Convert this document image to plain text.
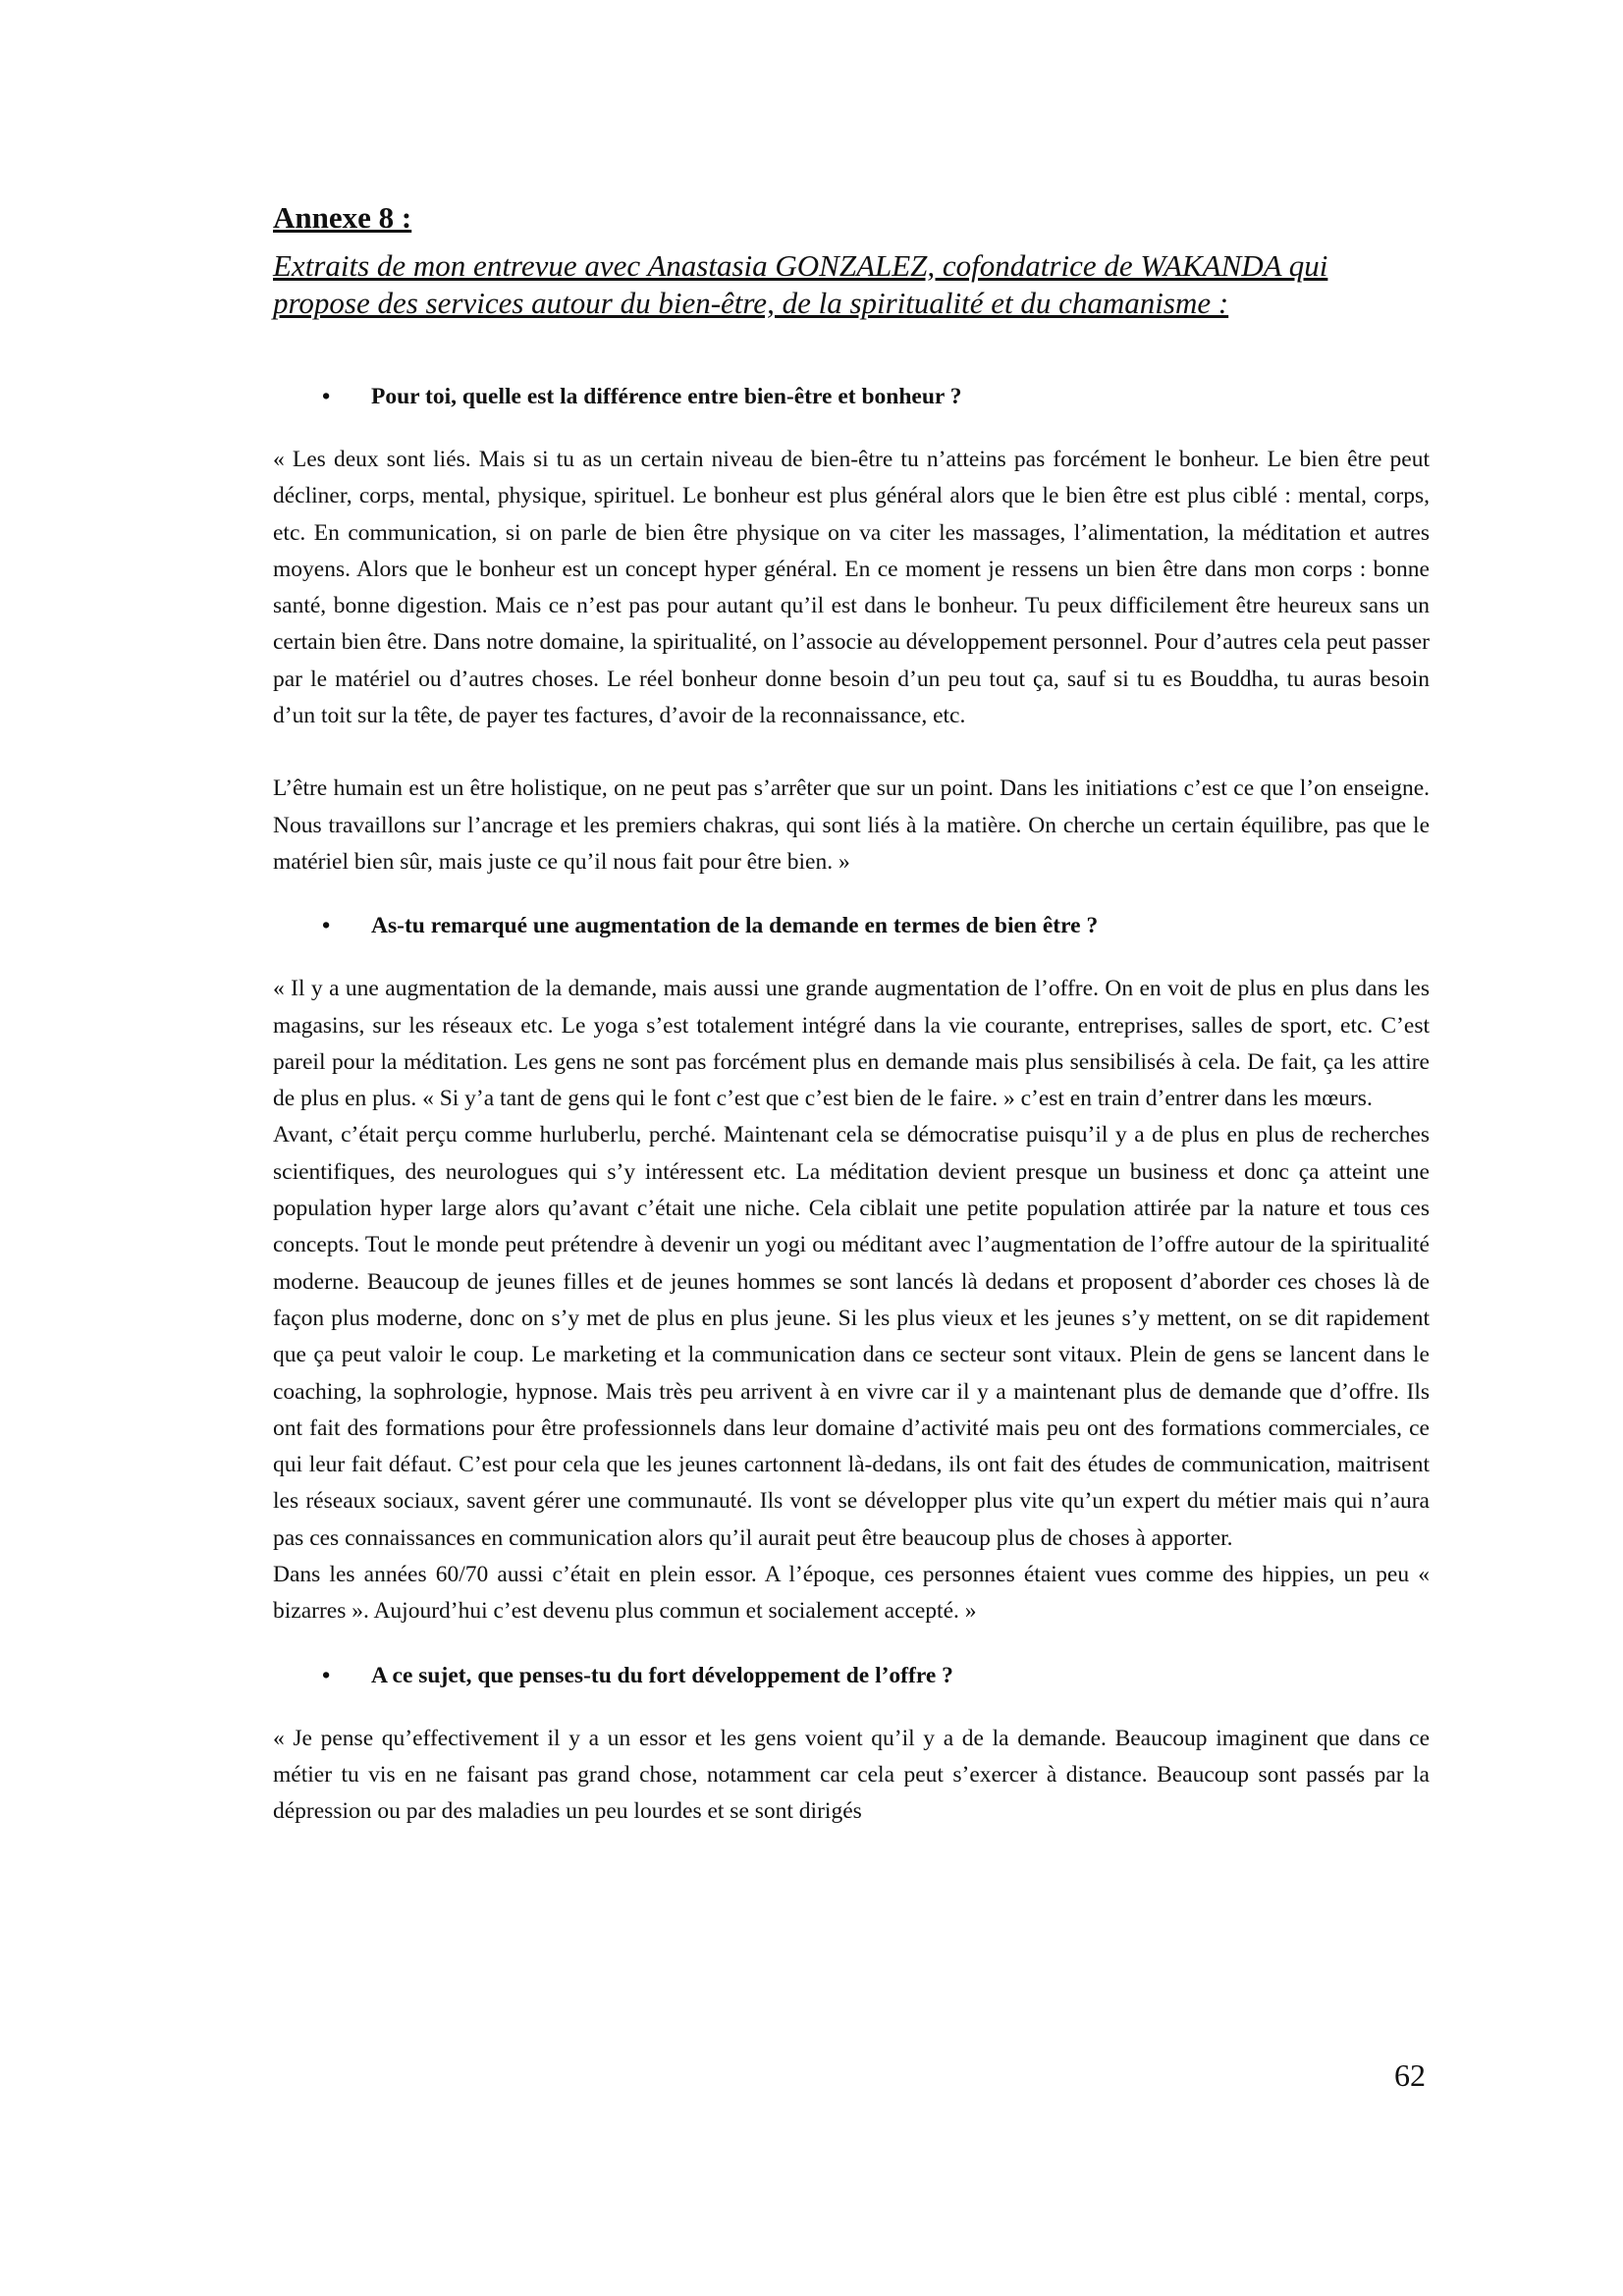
Annexe 8 :
Extraits de mon entrevue avec Anastasia GONZALEZ, cofondatrice de WAKANDA qui propose des services autour du bien-être, de la spiritualité et du chamanisme :
• Pour toi, quelle est la différence entre bien-être et bonheur ?

« Les deux sont liés. Mais si tu as un certain niveau de bien-être tu n’atteins pas forcément le bonheur. Le bien être peut décliner, corps, mental, physique, spirituel. Le bonheur est plus général alors que le bien être est plus ciblé : mental, corps, etc. En communication, si on parle de bien être physique on va citer les massages, l’alimentation, la méditation et autres moyens. Alors que le bonheur est un concept hyper général. En ce moment je ressens un bien être dans mon corps : bonne santé, bonne digestion. Mais ce n’est pas pour autant qu’il est dans le bonheur. Tu peux difficilement être heureux sans un certain bien être. Dans notre domaine, la spiritualité, on l’associe au développement personnel. Pour d’autres cela peut passer par le matériel ou d’autres choses. Le réel bonheur donne besoin d’un peu tout ça, sauf si tu es Bouddha, tu auras besoin d’un toit sur la tête, de payer tes factures, d’avoir de la reconnaissance, etc.

L’être humain est un être holistique, on ne peut pas s’arrêter que sur un point. Dans les initiations c’est ce que l’on enseigne. Nous travaillons sur l’ancrage et les premiers chakras, qui sont liés à la matière. On cherche un certain équilibre, pas que le matériel bien sûr, mais juste ce qu’il nous fait pour être bien. »

• As-tu remarqué une augmentation de la demande en termes de bien être ?

« Il y a une augmentation de la demande, mais aussi une grande augmentation de l’offre. On en voit de plus en plus dans les magasins, sur les réseaux etc. Le yoga s’est totalement intégré dans la vie courante, entreprises, salles de sport, etc. C’est pareil pour la méditation. Les gens ne sont pas forcément plus en demande mais plus sensibilisés à cela. De fait, ça les attire de plus en plus. « Si y’a tant de gens qui le font c’est que c’est bien de le faire. » c’est en train d’entrer dans les mœurs.

Avant, c’était perçu comme hurluberlu, perché. Maintenant cela se démocratise puisqu’il y a de plus en plus de recherches scientifiques, des neurologues qui s’y intéressent etc. La méditation devient presque un business et donc ça atteint une population hyper large alors qu’avant c’était une niche. Cela ciblait une petite population attirée par la nature et tous ces concepts. Tout le monde peut prétendre à devenir un yogi ou méditant avec l’augmentation de l’offre autour de la spiritualité moderne. Beaucoup de jeunes filles et de jeunes hommes se sont lancés là dedans et proposent d’aborder ces choses là de façon plus moderne, donc on s’y met de plus en plus jeune. Si les plus vieux et les jeunes s’y mettent, on se dit rapidement que ça peut valoir le coup. Le marketing et la communication dans ce secteur sont vitaux. Plein de gens se lancent dans le coaching, la sophrologie, hypnose. Mais très peu arrivent à en vivre car il y a maintenant plus de demande que d’offre. Ils ont fait des formations pour être professionnels dans leur domaine d’activité mais peu ont des formations commerciales, ce qui leur fait défaut. C’est pour cela que les jeunes cartonnent là-dedans, ils ont fait des études de communication, maitrisent les réseaux sociaux, savent gérer une communauté. Ils vont se développer plus vite qu’un expert du métier mais qui n’aura pas ces connaissances en communication alors qu’il aurait peut être beaucoup plus de choses à apporter.

Dans les années 60/70 aussi c’était en plein essor. A l’époque, ces personnes étaient vues comme des hippies, un peu « bizarres ». Aujourd’hui c’est devenu plus commun et socialement accepté. »

• A ce sujet, que penses-tu du fort développement de l’offre ?

« Je pense qu’effectivement il y a un essor et les gens voient qu’il y a de la demande. Beaucoup imaginent que dans ce métier tu vis en ne faisant pas grand chose, notamment car cela peut s’exercer à distance. Beaucoup sont passés par la dépression ou par des maladies un peu lourdes et se sont dirigés

62
